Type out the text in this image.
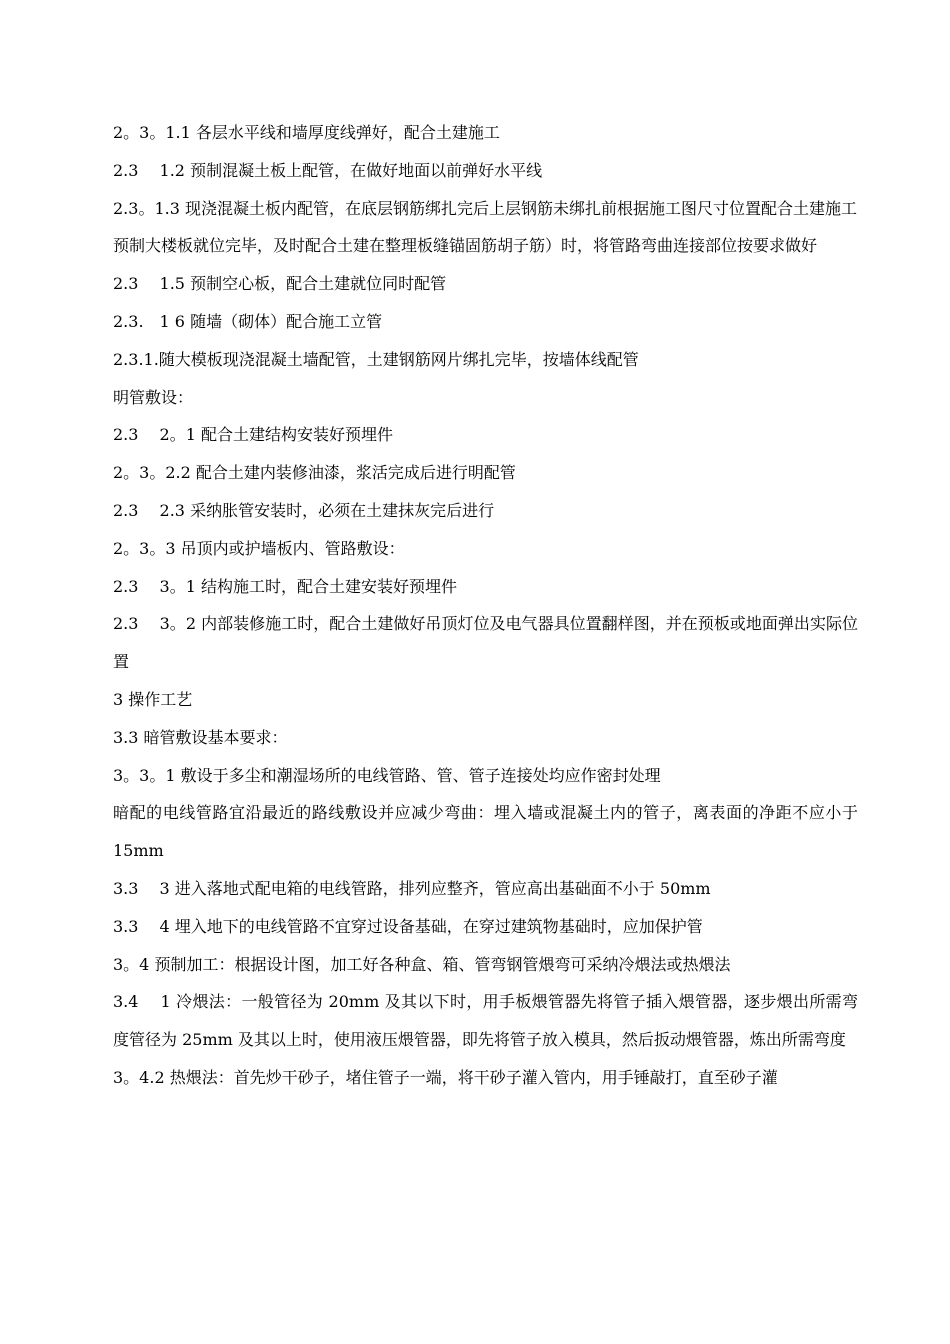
2。3。1.1 各层水平线和墙厚度线弹好，配合土建施工

2.3　 1.2 预制混凝土板上配管，在做好地面以前弹好水平线

2.3。1.3 现浇混凝土板内配管，在底层钢筋绑扎完后上层钢筋未绑扎前根据施工图尺寸位置配合土建施工

预制大楼板就位完毕，及时配合土建在整理板缝锚固筋胡子筋）时，将管路弯曲连接部位按要求做好

2.3　 1.5 预制空心板，配合土建就位同时配管

2.3.　1 6 随墙（砌体）配合施工立管

2.3.1.随大模板现浇混凝土墙配管，土建钢筋网片绑扎完毕，按墙体线配管

明管敷设：

2.3　 2。1 配合土建结构安装好预埋件

2。3。2.2 配合土建内装修油漆，浆活完成后进行明配管

2.3　 2.3 采纳胀管安装时，必须在土建抹灰完后进行

2。3。3 吊顶内或护墙板内、管路敷设：

2.3　 3。1 结构施工时，配合土建安装好预埋件

2.3　 3。2 内部装修施工时，配合土建做好吊顶灯位及电气器具位置翻样图，并在预板或地面弹出实际位置

3 操作工艺

3.3 暗管敷设基本要求：

3。3。1 敷设于多尘和潮湿场所的电线管路、管、管子连接处均应作密封处理

暗配的电线管路宜沿最近的路线敷设并应减少弯曲：埋入墙或混凝土内的管子，离表面的净距不应小于 15mm

3.3　 3 进入落地式配电箱的电线管路，排列应整齐，管应高出基础面不小于 50mm

3.3　 4 埋入地下的电线管路不宜穿过设备基础，在穿过建筑物基础时，应加保护管

3。4 预制加工：根据设计图，加工好各种盒、箱、管弯钢管煨弯可采纳冷煨法或热煨法

3.4　 1 冷煨法：一般管径为 20mm 及其以下时，用手板煨管器先将管子插入煨管器，逐步煨出所需弯度管径为 25mm 及其以上时，使用液压煨管器，即先将管子放入模具，然后扳动煨管器，炼出所需弯度

3。4.2 热煨法：首先炒干砂子，堵住管子一端，将干砂子灌入管内，用手锤敲打，直至砂子灌
